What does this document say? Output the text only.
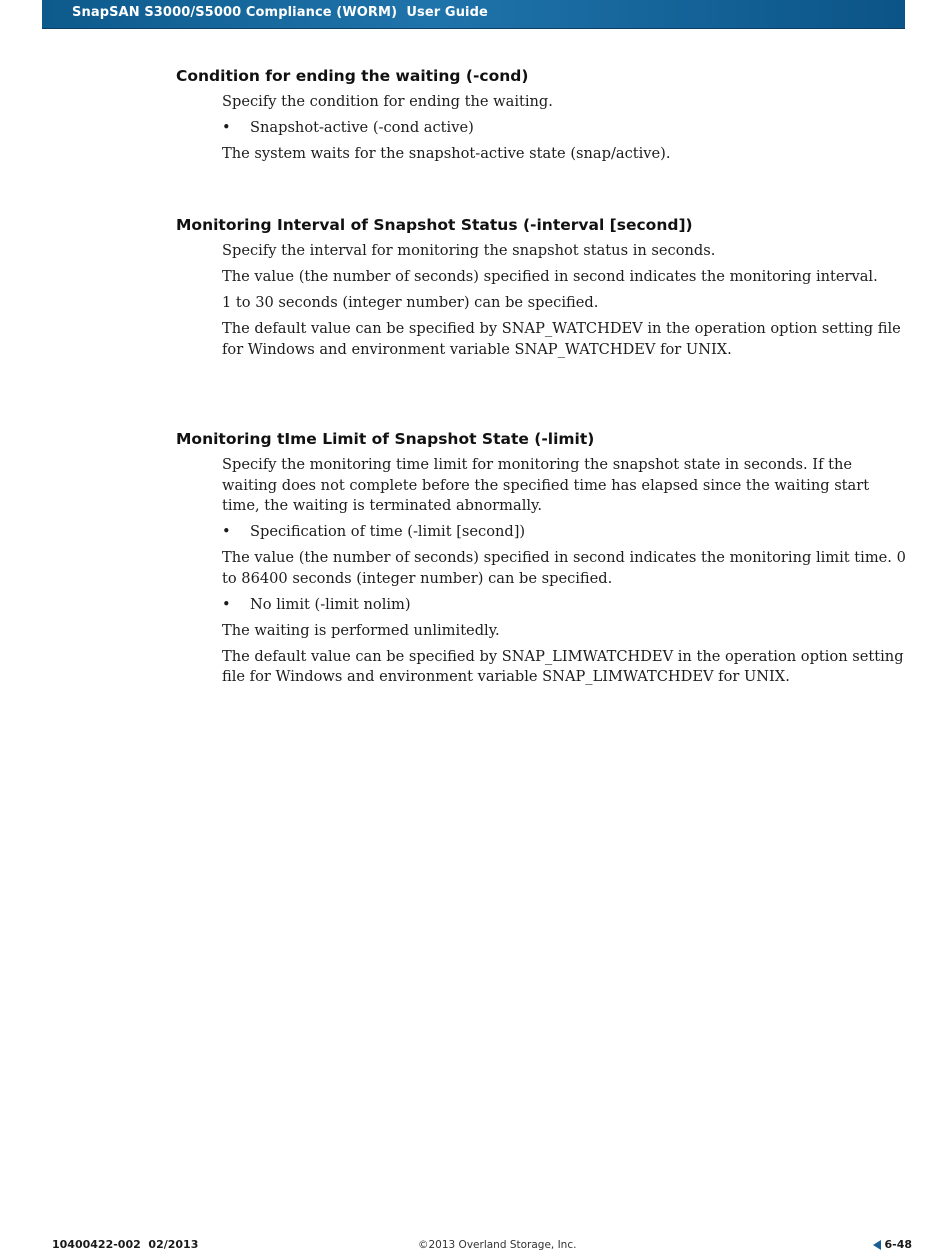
SnapSAN S3000/S5000 Compliance (WORM)  User Guide
Condition for ending the waiting (-cond)
Specify the condition for ending the waiting.
• Snapshot-active (-cond active)
The system waits for the snapshot-active state (snap/active).
Monitoring Interval of Snapshot Status (-interval [second])
Specify the interval for monitoring the snapshot status in seconds.
The value (the number of seconds) specified in second indicates the monitoring interval.
1 to 30 seconds (integer number) can be specified.
The default value can be specified by SNAP_WATCHDEV in the operation option setting file for Windows and environment variable SNAP_WATCHDEV for UNIX.
Monitoring tIme Limit of Snapshot State (-limit)
Specify the monitoring time limit for monitoring the snapshot state in seconds. If the waiting does not complete before the specified time has elapsed since the waiting start time, the waiting is terminated abnormally.
• Specification of time (-limit [second])
The value (the number of seconds) specified in second indicates the monitoring limit time. 0 to 86400 seconds (integer number) can be specified.
• No limit (-limit nolim)
The waiting is performed unlimitedly.
The default value can be specified by SNAP_LIMWATCHDEV in the operation option setting file for Windows and environment variable SNAP_LIMWATCHDEV for UNIX.
10400422-002  02/2013	©2013 Overland Storage, Inc.	6-48
